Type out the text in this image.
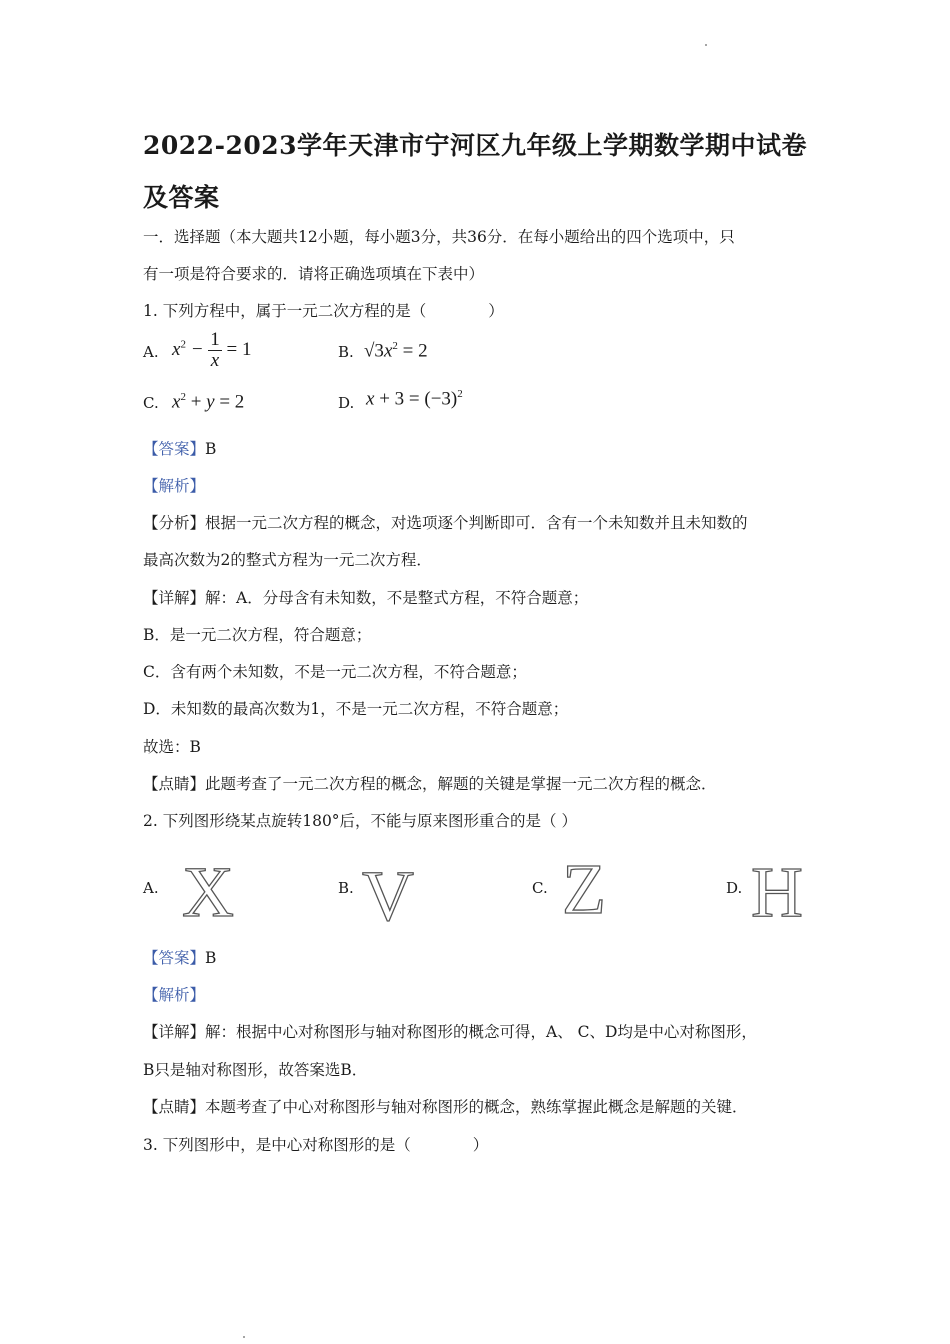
2022-2023学年天津市宁河区九年级上学期数学期中试卷及答案
一．选择题（本大题共12小题，每小题3分，共36分．在每小题给出的四个选项中，只
有一项是符合要求的．请将正确选项填在下表中）
1. 下列方程中，属于一元二次方程的是（　　　　）
A. $x^2 - \frac{1}{x} = 1$	B. $√3x^2 = 2$
C. $x^2 + y = 2$	D. $x + 3 = (-3)^2$
【答案】B
【解析】
【分析】根据一元二次方程的概念，对选项逐个判断即可．含有一个未知数并且未知数的
最高次数为2的整式方程为一元二次方程．
【详解】解：A．分母含有未知数，不是整式方程，不符合题意；
B．是一元二次方程，符合题意；
C．含有两个未知数，不是一元二次方程，不符合题意；
D．未知数的最高次数为1，不是一元二次方程，不符合题意；
故选：B
【点睛】此题考查了一元二次方程的概念，解题的关键是掌握一元二次方程的概念．
2. 下列图形绕某点旋转180°后，不能与原来图形重合的是（ ）
A. X	B. V	C. Z	D. H
【答案】B
【解析】
【详解】解：根据中心对称图形与轴对称图形的概念可得，A、 C、D均是中心对称图形，
B只是轴对称图形，故答案选B．
【点睛】本题考查了中心对称图形与轴对称图形的概念，熟练掌握此概念是解题的关键．
3. 下列图形中，是中心对称图形的是（　　　　）
